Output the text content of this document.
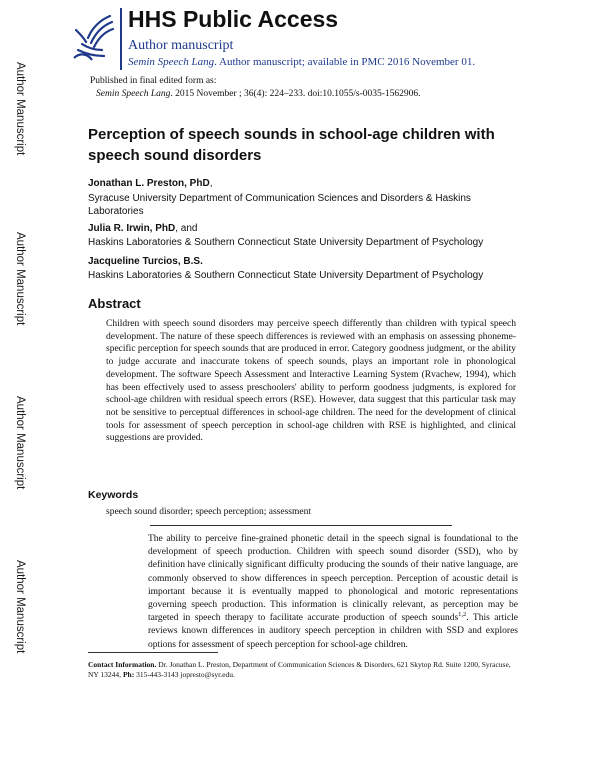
Author Manuscript
Author Manuscript
Author Manuscript
Author Manuscript
HHS Public Access
Author manuscript
Semin Speech Lang. Author manuscript; available in PMC 2016 November 01.
Published in final edited form as:
Semin Speech Lang. 2015 November ; 36(4): 224–233. doi:10.1055/s-0035-1562906.
Perception of speech sounds in school-age children with speech sound disorders
Jonathan L. Preston, PhD,
Syracuse University Department of Communication Sciences and Disorders & Haskins Laboratories
Julia R. Irwin, PhD, and
Haskins Laboratories & Southern Connecticut State University Department of Psychology
Jacqueline Turcios, B.S.
Haskins Laboratories & Southern Connecticut State University Department of Psychology
Abstract

Children with speech sound disorders may perceive speech differently than children with typical speech development. The nature of these speech differences is reviewed with an emphasis on assessing phoneme-specific perception for speech sounds that are produced in error. Category goodness judgment, or the ability to judge accurate and inaccurate tokens of speech sounds, plays an important role in phonological development. The software Speech Assessment and Interactive Learning System (Rvachew, 1994), which has been effectively used to assess preschoolers' ability to perform goodness judgments, is explored for school-age children with residual speech errors (RSE). However, data suggest that this particular task may not be sensitive to perceptual differences in school-age children. The need for the development of clinical tools for assessment of speech perception in school-age children with RSE is highlighted, and clinical suggestions are provided.

Keywords
speech sound disorder; speech perception; assessment

The ability to perceive fine-grained phonetic detail in the speech signal is foundational to the development of speech production. Children with speech sound disorder (SSD), who by definition have clinically significant difficulty producing the sounds of their native language, are commonly observed to show differences in speech perception. Perception of acoustic detail is important because it is eventually mapped to phonological and motoric representations governing speech production. This information is clinically relevant, as perception may be targeted in speech therapy to facilitate accurate production of speech sounds$^{1,2}$. This article reviews known differences in auditory speech perception in children with SSD and explores options for assessment of speech perception for school-age children.

Contact Information. Dr. Jonathan L. Preston, Department of Communication Sciences & Disorders, 621 Skytop Rd. Suite 1200, Syracuse, NY 13244, Ph: 315-443-3143 jopresto@syr.edu.
